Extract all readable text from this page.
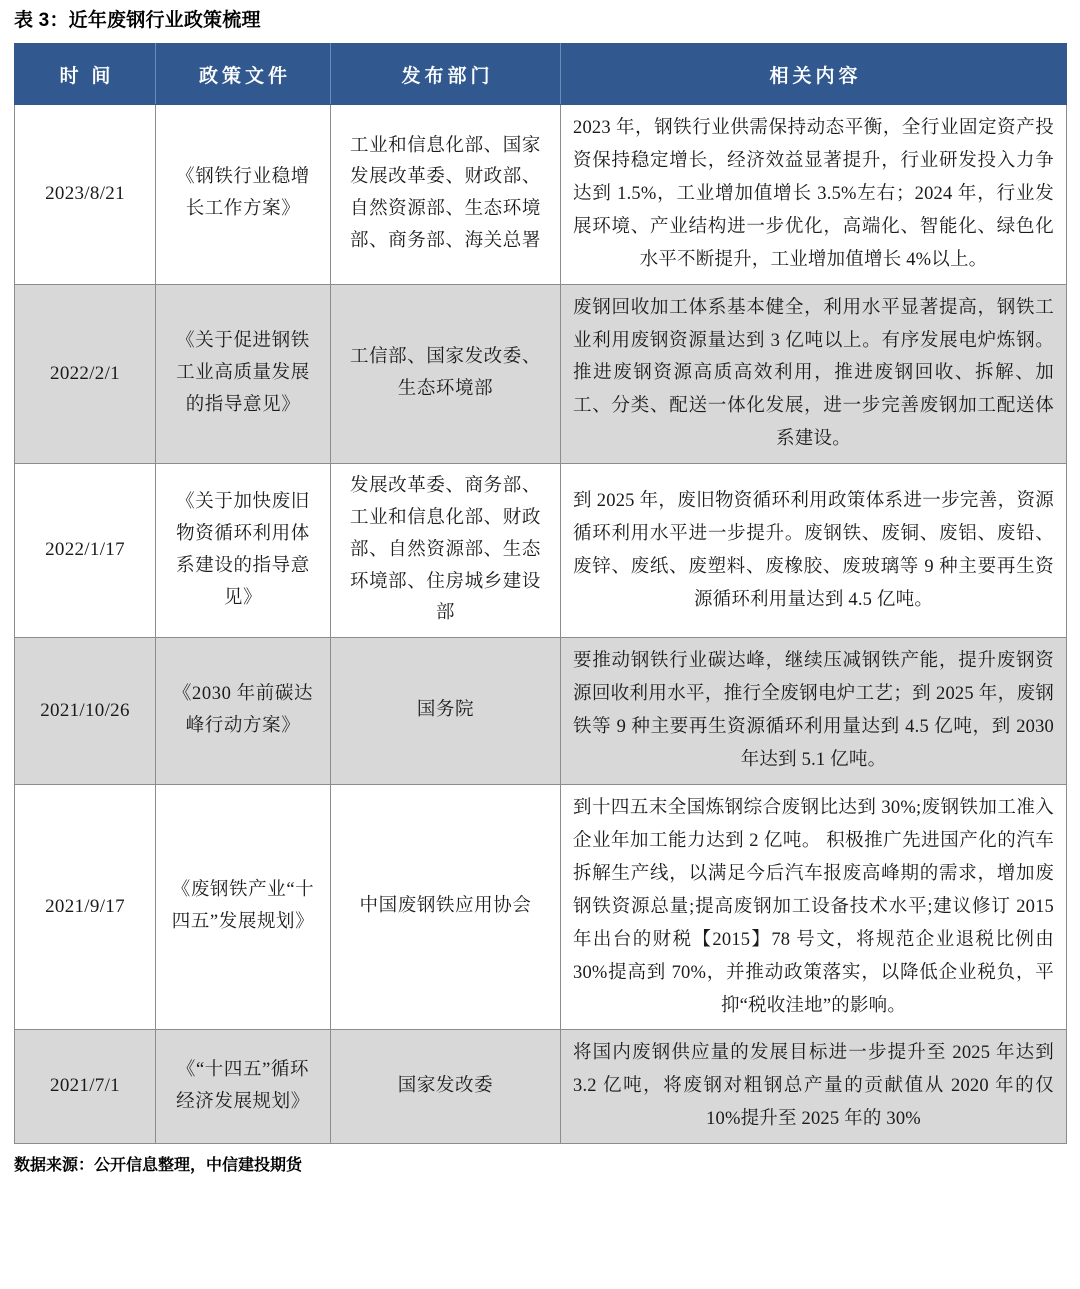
表 3：近年废钢行业政策梳理
时 间	政策文件	发布部门	相关内容
2023/8/21	《钢铁行业稳增长工作方案》	工业和信息化部、国家发展改革委、财政部、自然资源部、生态环境部、商务部、海关总署	2023 年，钢铁行业供需保持动态平衡，全行业固定资产投资保持稳定增长，经济效益显著提升，行业研发投入力争达到 1.5%，工业增加值增长 3.5%左右；2024 年，行业发展环境、产业结构进一步优化，高端化、智能化、绿色化水平不断提升，工业增加值增长 4%以上。
2022/2/1	《关于促进钢铁工业高质量发展的指导意见》	工信部、国家发改委、生态环境部	废钢回收加工体系基本健全，利用水平显著提高，钢铁工业利用废钢资源量达到 3 亿吨以上。有序发展电炉炼钢。推进废钢资源高质高效利用，推进废钢回收、拆解、加工、分类、配送一体化发展，进一步完善废钢加工配送体系建设。
2022/1/17	《关于加快废旧物资循环利用体系建设的指导意见》	发展改革委、商务部、工业和信息化部、财政部、自然资源部、生态环境部、住房城乡建设部	到 2025 年，废旧物资循环利用政策体系进一步完善，资源循环利用水平进一步提升。废钢铁、废铜、废铝、废铅、废锌、废纸、废塑料、废橡胶、废玻璃等 9 种主要再生资源循环利用量达到 4.5 亿吨。
2021/10/26	《2030 年前碳达峰行动方案》	国务院	要推动钢铁行业碳达峰，继续压减钢铁产能，提升废钢资源回收利用水平，推行全废钢电炉工艺；到 2025 年，废钢铁等 9 种主要再生资源循环利用量达到 4.5 亿吨，到 2030 年达到 5.1 亿吨。
2021/9/17	《废钢铁产业“十四五”发展规划》	中国废钢铁应用协会	到十四五末全国炼钢综合废钢比达到 30%;废钢铁加工准入企业年加工能力达到 2 亿吨。 积极推广先进国产化的汽车拆解生产线，以满足今后汽车报废高峰期的需求，增加废钢铁资源总量;提高废钢加工设备技术水平;建议修订 2015 年出台的财税【2015】78 号文，将规范企业退税比例由 30%提高到 70%，并推动政策落实，以降低企业税负，平抑“税收洼地”的影响。
2021/7/1	《“十四五”循环经济发展规划》	国家发改委	将国内废钢供应量的发展目标进一步提升至 2025 年达到 3.2 亿吨，将废钢对粗钢总产量的贡献值从 2020 年的仅 10%提升至 2025 年的 30%
数据来源：公开信息整理，中信建投期货
